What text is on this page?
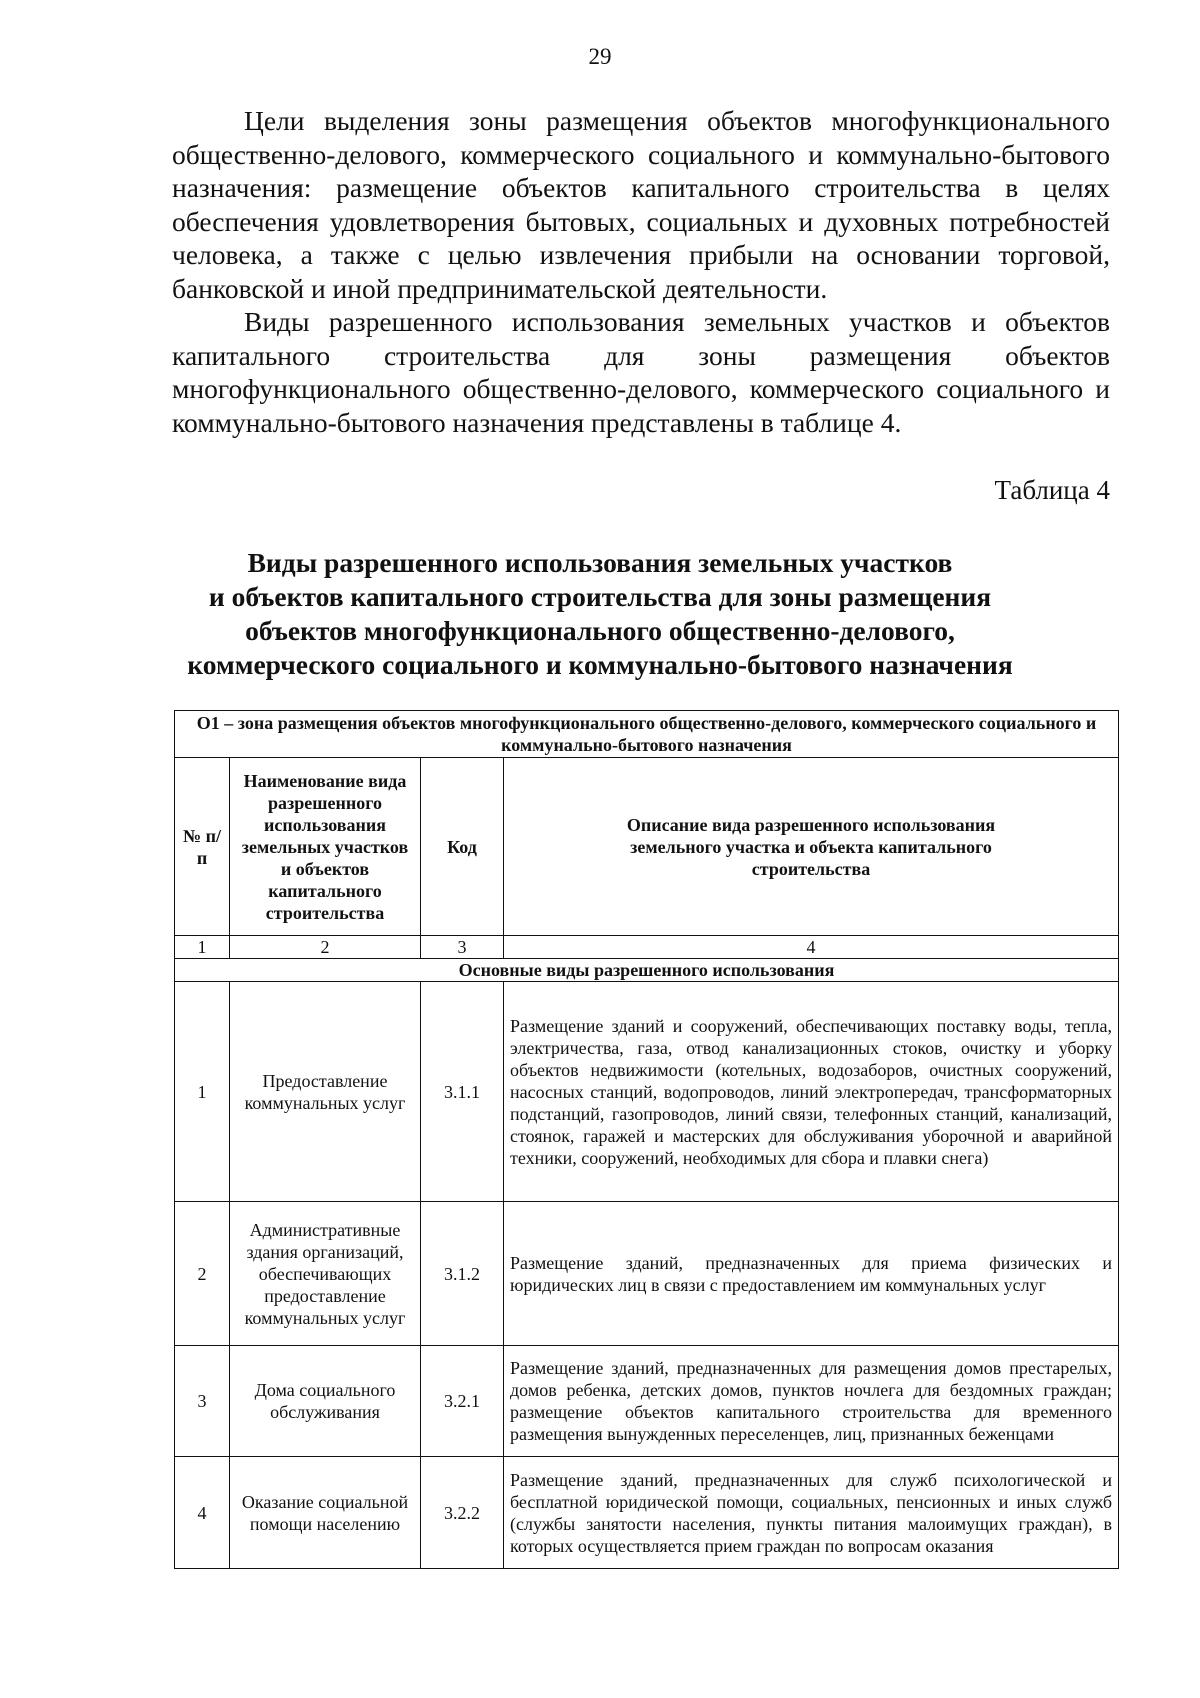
29

Цели выделения зоны размещения объектов многофункционального общественно-делового, коммерческого социального и коммунально-бытового назначения: размещение объектов капитального строительства в целях обеспечения удовлетворения бытовых, социальных и духовных потребностей человека, а также с целью извлечения прибыли на основании торговой, банковской и иной предпринимательской деятельности.

Виды разрешенного использования земельных участков и объектов капитального строительства для зоны размещения объектов многофункционального общественно-делового, коммерческого социального и коммунально-бытового назначения представлены в таблице 4.

Таблица 4
Виды разрешенного использования земельных участков
и объектов капитального строительства для зоны размещения
объектов многофункционального общественно-делового,
коммерческого социального и коммунально-бытового назначения
О1 – зона размещения объектов многофункционального общественно-делового, коммерческого социального и коммунально-бытового назначения			
№ п/п	Наименование вида разрешенного использования земельных участков и объектов капитального строительства	Код	Описание вида разрешенного использования земельного участка и объекта капитального строительства
1	2	3	4
Основные виды разрешенного использования			
1	Предоставление коммунальных услуг	3.1.1	Размещение зданий и сооружений, обеспечивающих поставку воды, тепла, электричества, газа, отвод канализационных стоков, очистку и уборку объектов недвижимости (котельных, водозаборов, очистных сооружений, насосных станций, водопроводов, линий электропередач, трансформаторных подстанций, газопроводов, линий связи, телефонных станций, канализаций, стоянок, гаражей и мастерских для обслуживания уборочной и аварийной техники, сооружений, необходимых для сбора и плавки снега)
2	Административные здания организаций, обеспечивающих предоставление коммунальных услуг	3.1.2	Размещение зданий, предназначенных для приема физических и юридических лиц в связи с предоставлением им коммунальных услуг
3	Дома социального обслуживания	3.2.1	Размещение зданий, предназначенных для размещения домов престарелых, домов ребенка, детских домов, пунктов ночлега для бездомных граждан; размещение объектов капитального строительства для временного размещения вынужденных переселенцев, лиц, признанных беженцами
4	Оказание социальной помощи населению	3.2.2	Размещение зданий, предназначенных для служб психологической и бесплатной юридической помощи, социальных, пенсионных и иных служб (службы занятости населения, пункты питания малоимущих граждан), в которых осуществляется прием граждан по вопросам оказания
